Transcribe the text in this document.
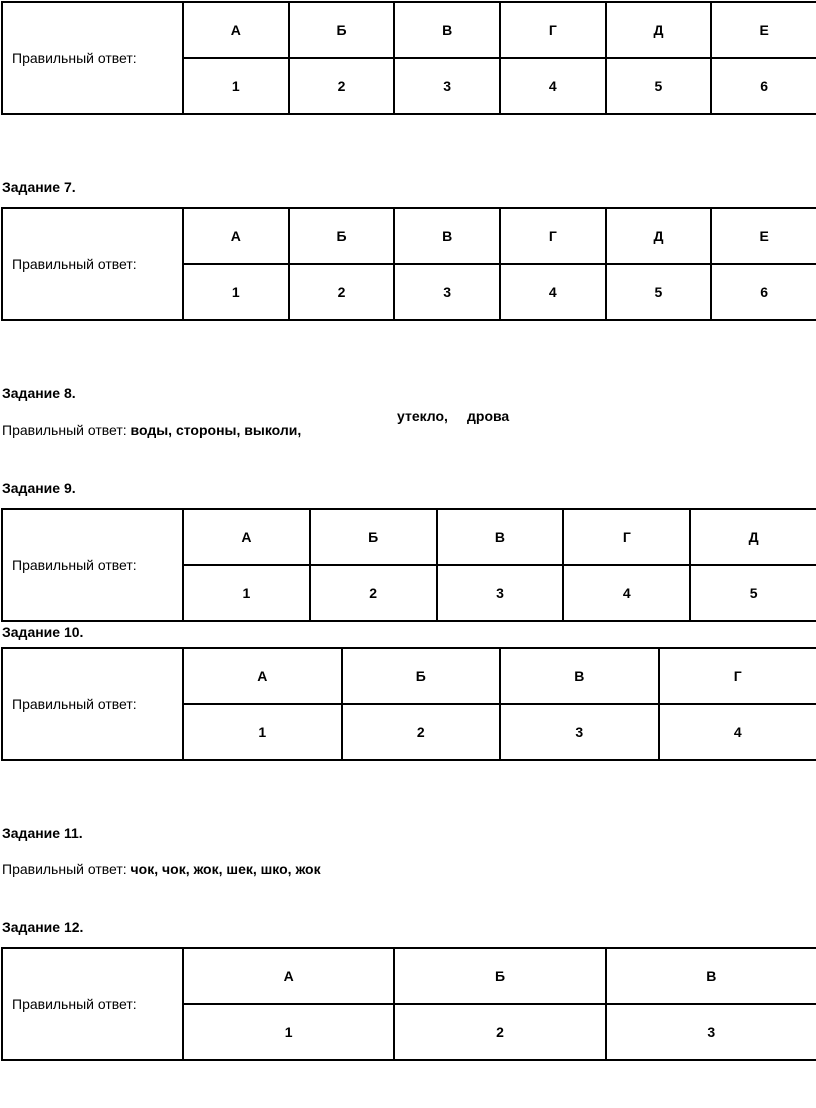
Правильный ответ:	А	Б	В	Г	Д	Е
	1	2	3	4	5	6
Задание 7.
Правильный ответ:	А	Б	В	Г	Д	Е
	1	2	3	4	5	6
Задание 8.
Правильный ответ: воды, стороны, выколи,
утекло, дрова
Задание 9.
Правильный ответ:	А	Б	В	Г	Д
	1	2	3	4	5
Задание 10.
Правильный ответ:	А	Б	В	Г
	1	2	3	4
Задание 11.
Правильный ответ: чок, чок, жок, шек, шко, жок
Задание 12.
Правильный ответ:	А	Б	В
	1	2	3
